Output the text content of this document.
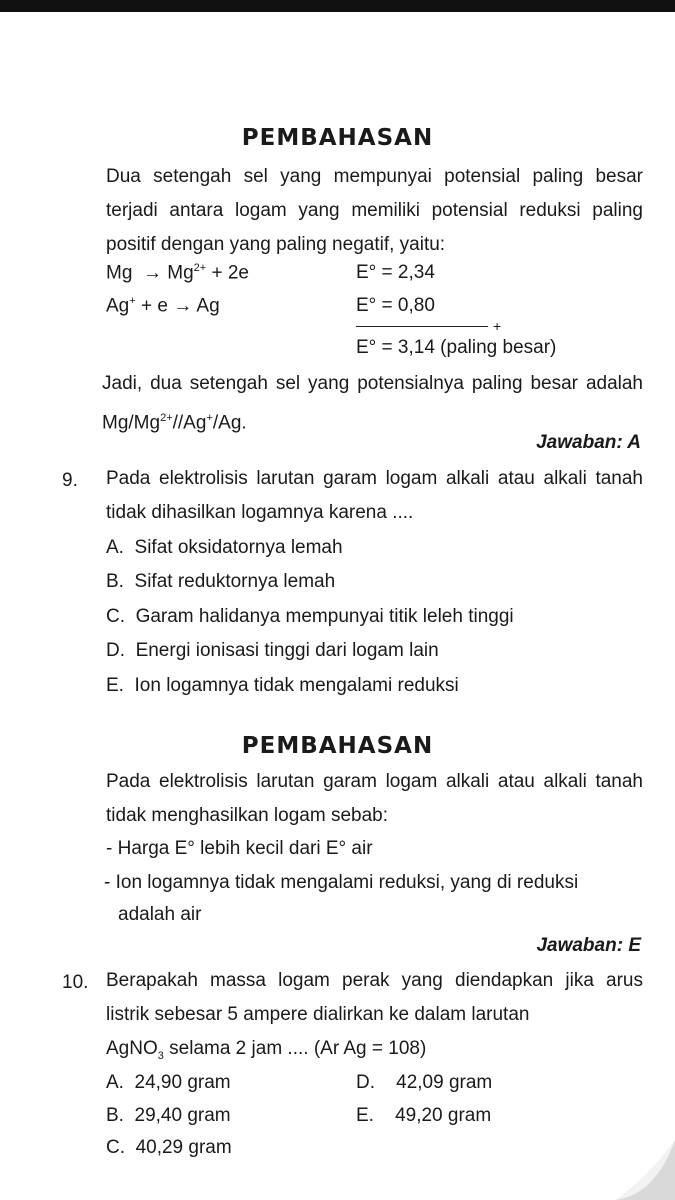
PEMBAHASAN
Dua setengah sel yang mempunyai potensial paling besar terjadi antara logam yang memiliki potensial reduksi paling positif dengan yang paling negatif, yaitu:
$Mg \to Mg^{2+} + 2e$	E° = 2,34
Ag+ + e → Ag	E° = 0,80
+
E° = 3,14 (paling besar)
Jadi, dua setengah sel yang potensialnya paling besar adalah $Mg/Mg^{2+}//Ag^+/Ag$.
Jawaban: A
9. Pada elektrolisis larutan garam logam alkali atau alkali tanah tidak dihasilkan logamnya karena ....
A. Sifat oksidatornya lemah
B. Sifat reduktornya lemah
C. Garam halidanya mempunyai titik leleh tinggi
D. Energi ionisasi tinggi dari logam lain
E. Ion logamnya tidak mengalami reduksi
PEMBAHASAN
Pada elektrolisis larutan garam logam alkali atau alkali tanah tidak menghasilkan logam sebab:
- Harga E° lebih kecil dari E° air
- Ion logamnya tidak mengalami reduksi, yang di reduksi
adalah air
Jawaban: E
10. Berapakah massa logam perak yang diendapkan jika arus listrik sebesar 5 ampere dialirkan ke dalam larutan
AgNO$_3$ selama 2 jam .... (Ar Ag = 108)
A. 24,90 gram
B. 29,40 gram
C. 40,29 gram
D. 42,09 gram
E. 49,20 gram
